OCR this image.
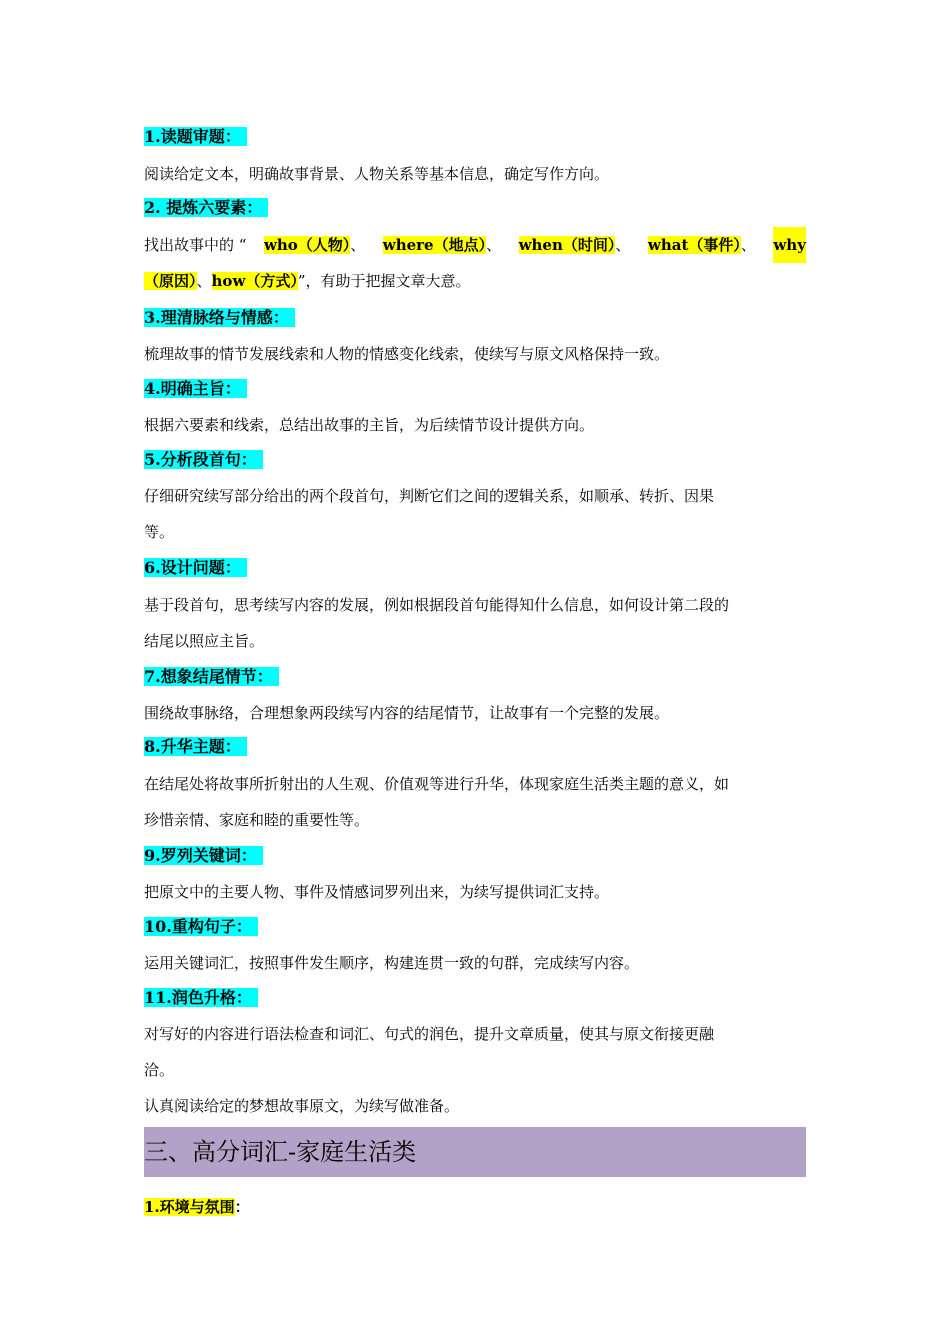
1.读题审题：
阅读给定文本，明确故事背景、人物关系等基本信息，确定写作方向。
2. 提炼六要素：
找出故事中的 “ who（人物）、 where（地点）、 when（时间）、 what（事件）、 why
（原因）、how（方式）”，有助于把握文章大意。
3.理清脉络与情感：
梳理故事的情节发展线索和人物的情感变化线索，使续写与原文风格保持一致。
4.明确主旨：
根据六要素和线索，总结出故事的主旨，为后续情节设计提供方向。
5.分析段首句：
仔细研究续写部分给出的两个段首句，判断它们之间的逻辑关系，如顺承、转折、因果
等。
6.设计问题：
基于段首句，思考续写内容的发展，例如根据段首句能得知什么信息，如何设计第二段的
结尾以照应主旨。
7.想象结尾情节：
围绕故事脉络，合理想象两段续写内容的结尾情节，让故事有一个完整的发展。
8.升华主题：
在结尾处将故事所折射出的人生观、价值观等进行升华，体现家庭生活类主题的意义，如
珍惜亲情、家庭和睦的重要性等。
9.罗列关键词：
把原文中的主要人物、事件及情感词罗列出来，为续写提供词汇支持。
10.重构句子：
运用关键词汇，按照事件发生顺序，构建连贯一致的句群，完成续写内容。
11.润色升格：
对写好的内容进行语法检查和词汇、句式的润色，提升文章质量，使其与原文衔接更融
洽。
认真阅读给定的梦想故事原文，为续写做准备。
三、高分词汇-家庭生活类
1.环境与氛围：
